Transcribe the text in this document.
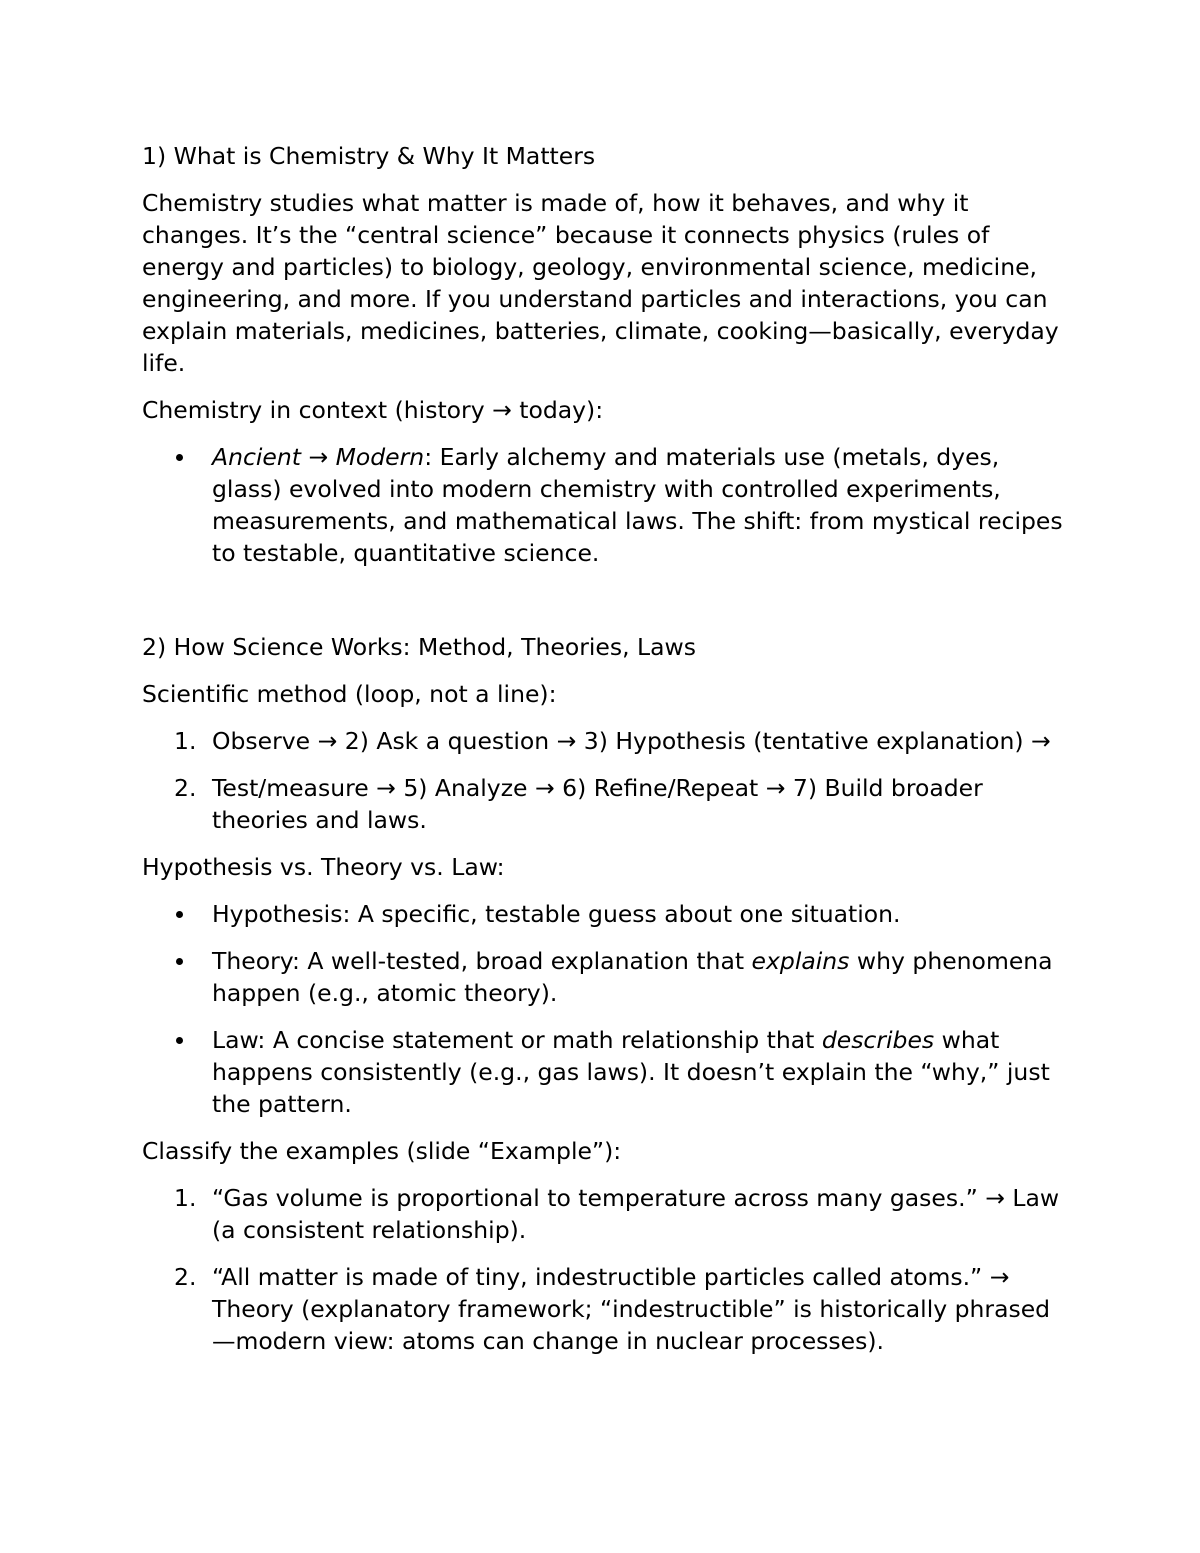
1) What is Chemistry & Why It Matters

Chemistry studies what matter is made of, how it behaves, and why it changes. It’s the “central science” because it connects physics (rules of energy and particles) to biology, geology, environmental science, medicine, engineering, and more. If you understand particles and interactions, you can explain materials, medicines, batteries, climate, cooking—basically, everyday life.

Chemistry in context (history → today):

Ancient → Modern: Early alchemy and materials use (metals, dyes, glass) evolved into modern chemistry with controlled experiments, measurements, and mathematical laws. The shift: from mystical recipes to testable, quantitative science.

2) How Science Works: Method, Theories, Laws

Scientific method (loop, not a line):

1. Observe → 2) Ask a question → 3) Hypothesis (tentative explanation) →
2. Test/measure → 5) Analyze → 6) Refine/Repeat → 7) Build broader theories and laws.

Hypothesis vs. Theory vs. Law:

Hypothesis: A specific, testable guess about one situation.
Theory: A well-tested, broad explanation that explains why phenomena happen (e.g., atomic theory).
Law: A concise statement or math relationship that describes what happens consistently (e.g., gas laws). It doesn’t explain the “why,” just the pattern.

Classify the examples (slide “Example”):

1. “Gas volume is proportional to temperature across many gases.” → Law (a consistent relationship).
2. “All matter is made of tiny, indestructible particles called atoms.” → Theory (explanatory framework; “indestructible” is historically phrased—modern view: atoms can change in nuclear processes).
